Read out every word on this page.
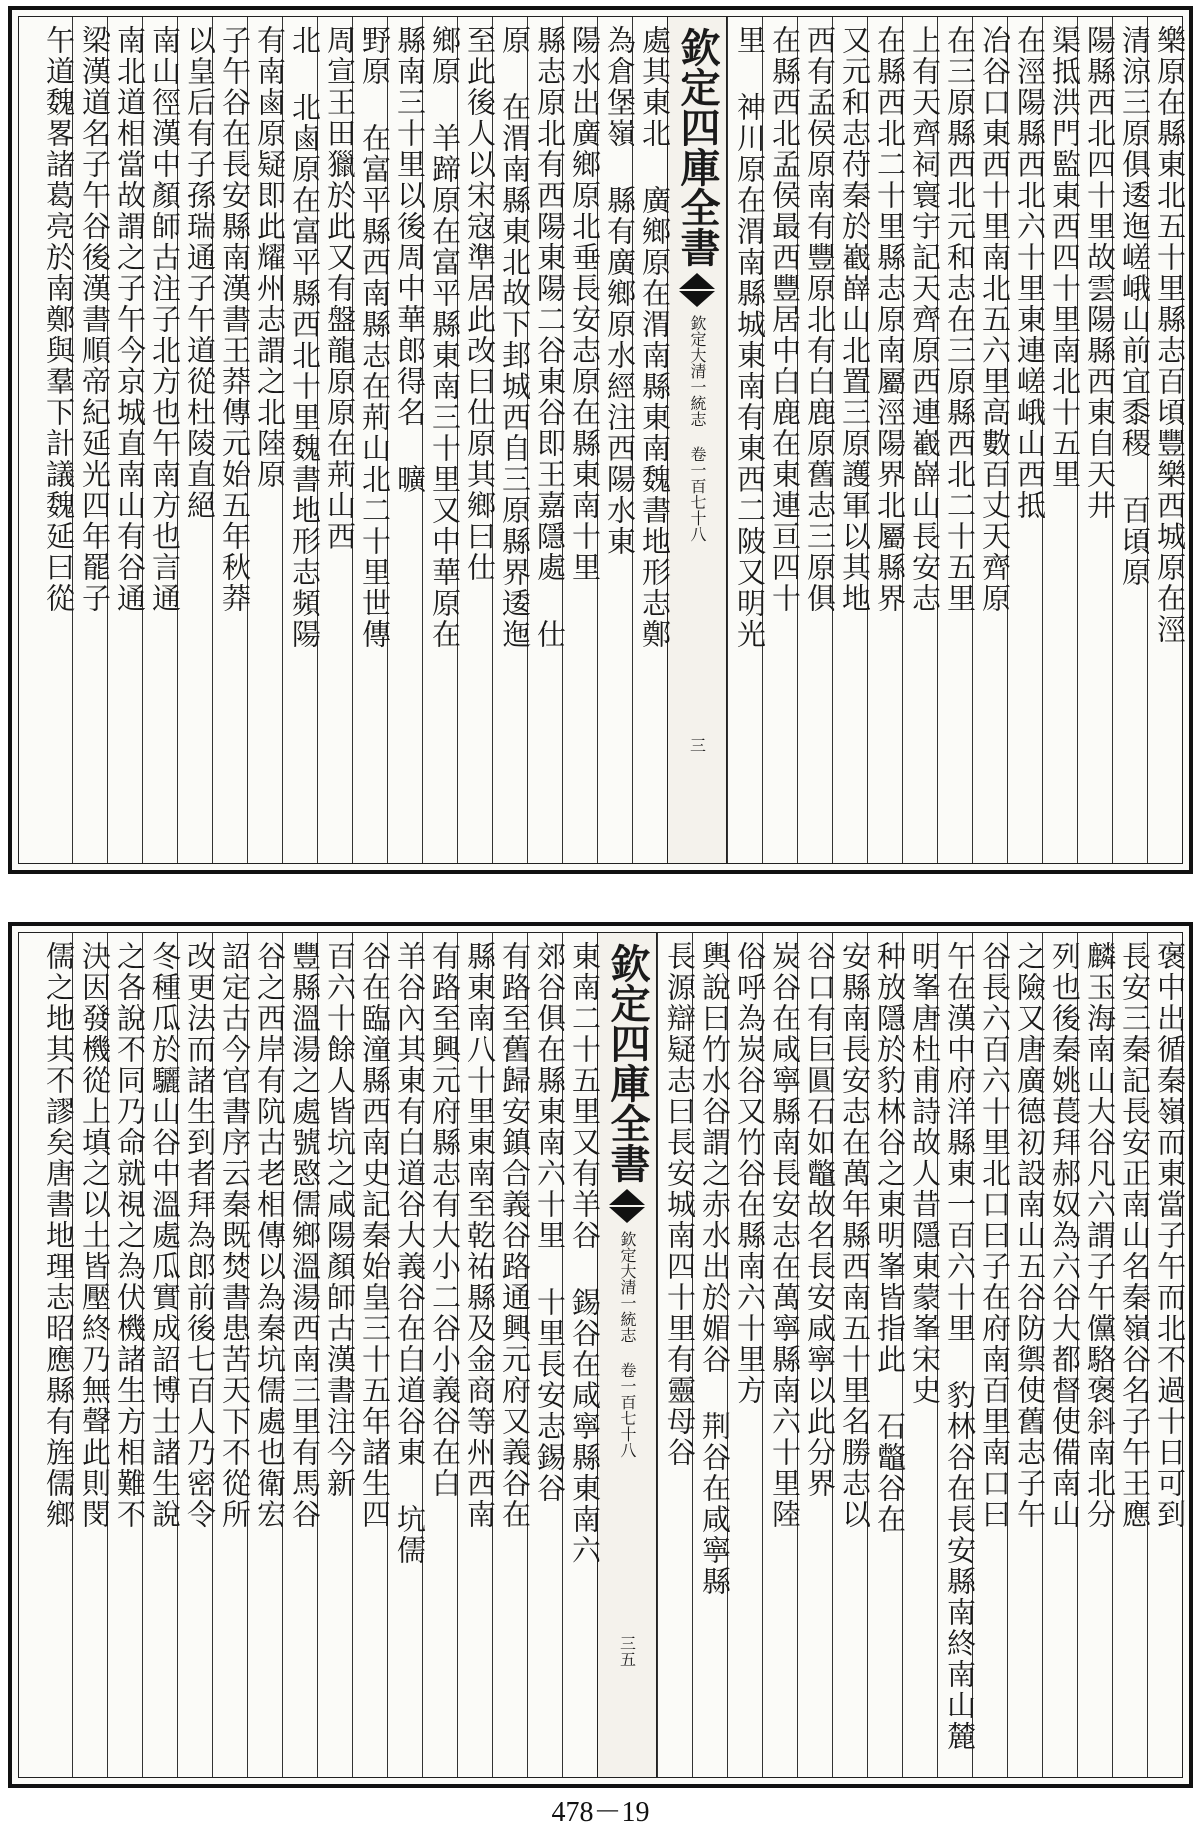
樂原在縣東北五十里縣志百頃豐樂西城原在涇
清涼三原俱逶迤嵯峨山前宜黍稷 百頃原
陽縣西北四十里故雲陽縣西東自天井
渠抵洪門監東西四十里南北十五里
在涇陽縣西北六十里東連嵯峨山西抵
冶谷口東西十里南北五六里高數百丈天齊原
在三原縣西北元和志在三原縣西北二十五里
上有天齊祠寰宇記天齊原西連嶻嶭山長安志
在縣西北二十里縣志原南屬涇陽界北屬縣界
又元和志苻秦於嶻嶭山北置三原護軍以其地
西有孟侯原南有豐原北有白鹿原舊志三原俱
在縣西北孟侯最西豐居中白鹿在東連亘四十
里 神川原在渭南縣城東南有東西二陂又明光
欽定四庫全書
欽定大清一統志 卷一百七十八
三
處其東北 廣鄉原在渭南縣東南魏書地形志鄭
為倉堡嶺 縣有廣鄉原水經注西陽水東
陽水出廣鄉原北垂長安志原在縣東南十里
縣志原北有西陽東陽二谷東谷即王嘉隱處 仕
原 在渭南縣東北故下邽城西自三原縣界逶迤
至此後人以宋寇準居此改曰仕原其鄉曰仕
鄉原 羊蹄原在富平縣東南三十里又中華原在
縣南三十里以後周中華郎得名 曠
野原 在富平縣西南縣志在荊山北二十里世傳
周宣王田獵於此又有盤龍原原在荊山西
北 北鹵原在富平縣西北十里魏書地形志頻陽
有南鹵原疑即此耀州志謂之北陸原
子午谷在長安縣南漢書王莽傳元始五年秋莽
以皇后有子孫瑞通子午道從杜陵直絕
南山徑漢中顏師古注子北方也午南方也言通
南北道相當故謂之子午今京城直南山有谷通
梁漢道名子午谷後漢書順帝紀延光四年罷子
午道魏畧諸葛亮於南鄭與羣下計議魏延曰從
褒中出循秦嶺而東當子午而北不過十日可到
長安三秦記長安正南山名秦嶺谷名子午王應
麟玉海南山大谷凡六謂子午儻駱褒斜南北分
列也後秦姚萇拜郝奴為六谷大都督使備南山
之險又唐廣德初設南山五谷防禦使舊志子午
谷長六百六十里北口曰子在府南百里南口曰
午在漢中府洋縣東一百六十里 豹林谷在長安縣南終南山麓
明峯唐杜甫詩故人昔隱東蒙峯宋史
种放隱於豹林谷之東明峯皆指此 石鼈谷在
安縣南長安志在萬年縣西南五十里名勝志以
谷口有巨圓石如鼈故名長安咸寧以此分界
炭谷在咸寧縣南長安志在萬寧縣南六十里陸
俗呼為炭谷又竹谷在縣南六十里方
輿說曰竹水谷謂之赤水出於媚谷 荆谷在咸寧縣
長源辯疑志曰長安城南四十里有靈母谷
欽定四庫全書
欽定大清一統志 卷一百七十八
三五
東南二十五里又有羊谷 錫谷在咸寧縣東南六
郊谷俱在縣東南六十里 十里長安志錫谷
有路至舊歸安鎮合義谷路通興元府又義谷在
縣東南八十里東南至乾祐縣及金商等州西南
有路至興元府縣志有大小二谷小義谷在白
羊谷內其東有白道谷大義谷在白道谷東 坑儒
谷在臨潼縣西南史記秦始皇三十五年諸生四
百六十餘人皆坑之咸陽顏師古漢書注今新
豐縣溫湯之處號愍儒鄉溫湯西南三里有馬谷
谷之西岸有阬古老相傳以為秦坑儒處也衛宏
詔定古今官書序云秦既焚書患苦天下不從所
改更法而諸生到者拜為郎前後七百人乃密令
冬種瓜於驪山谷中溫處瓜實成詔博士諸生說
之各說不同乃命就視之為伏機諸生方相難不
決因發機從上填之以土皆壓終乃無聲此則閔
儒之地其不謬矣唐書地理志昭應縣有旌儒鄉
478－19
